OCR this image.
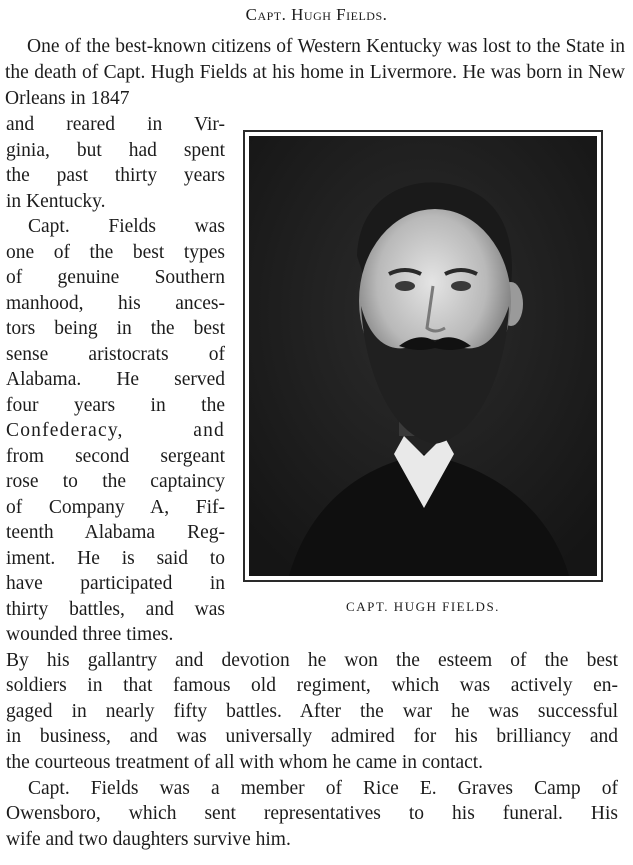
Capt. Hugh Fields.

One of the best-known citizens of Western Kentucky was lost to the State in the death of Capt. Hugh Fields at his home in Livermore. He was born in New Orleans in 1847

and reared in Vir-

ginia, but had spent

the past thirty years

in Kentucky.

Capt. Fields was

one of the best types

of genuine Southern

manhood, his ances-

tors being in the best

sense aristocrats of

Alabama. He served

four years in the

Confederacy, and

from second sergeant

rose to the captaincy

of Company A, Fif-

teenth Alabama Reg-

iment. He is said to

have participated in

thirty battles, and was

wounded three times.

By his gallantry and devotion he won the esteem of the best

soldiers in that famous old regiment, which was actively en-

gaged in nearly fifty battles. After the war he was successful

in business, and was universally admired for his brilliancy and

the courteous treatment of all with whom he came in contact.

Capt. Fields was a member of Rice E. Graves Camp of

Owensboro, which sent representatives to his funeral. His

wife and two daughters survive him.

CAPT. HUGH FIELDS.
